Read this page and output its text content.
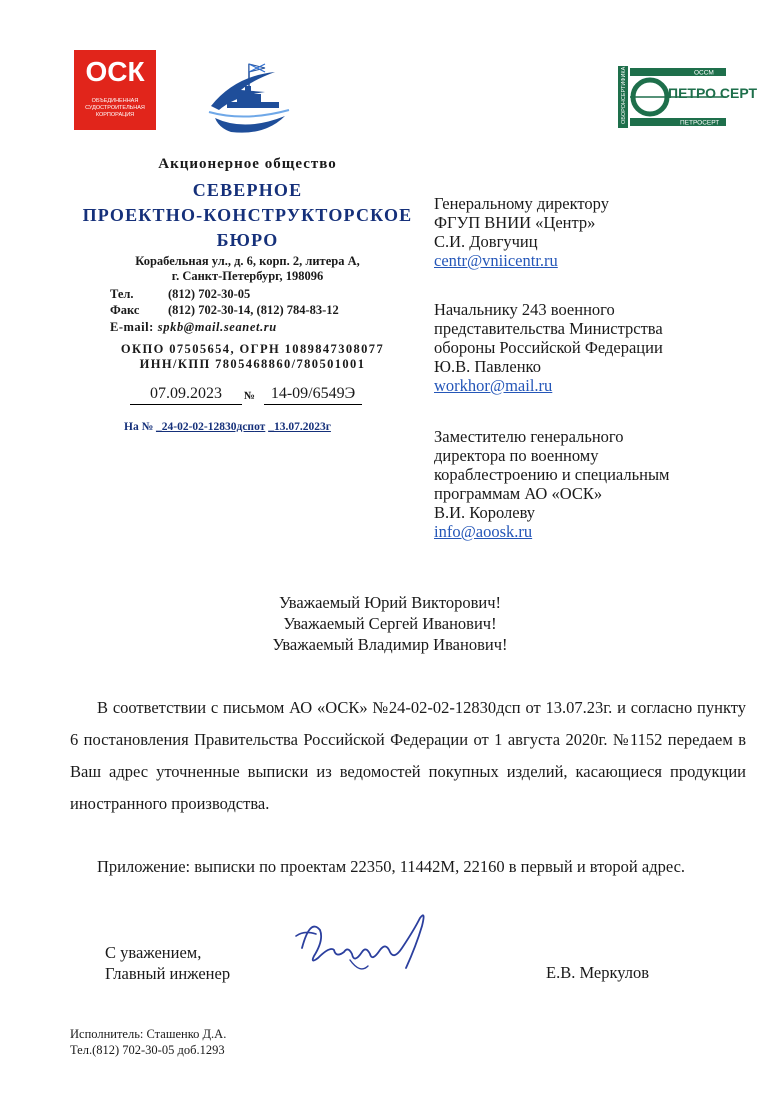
ОСК
ОБЪЕДИНЕННАЯ СУДОСТРОИТЕЛЬНАЯ КОРПОРАЦИЯ	ОБОРОНСЕРТИФИКА	ОССМ
ПЕТРОСЕРТ
ПЕТРО СЕРТ
Акционерное общество
СЕВЕРНОЕ
ПРОЕКТНО-КОНСТРУКТОРСКОЕ
БЮРО
Корабельная ул., д. 6, корп. 2, литера А,
г. Санкт-Петербург, 198096
Тел.	(812) 702-30-05
Факс (812) 702-30-14, (812) 784-83-12
E-mail: spkb@mail.seanet.ru
ОКПО 07505654, ОГРН 1089847308077
ИНН/КПП 7805468860/780501001
07.09.2023	№ 14-09/6549Э
На № _24-02-02-12830дспот _13.07.2023г
Генеральному директору
ФГУП ВНИИ «Центр»
С.И. Довгучиц
centr@vniicentr.ru
Начальнику 243 военного
представительства Министрства
обороны Российской Федерации
Ю.В. Павленко
workhor@mail.ru
Заместителю генерального
директора по военному
кораблестроению и специальным
программам АО «ОСК»
В.И. Королеву
info@aoosk.ru
Уважаемый Юрий Викторович!
Уважаемый Сергей Иванович!
Уважаемый Владимир Иванович!
В соответствии с письмом АО «ОСК» №24-02-02-12830дсп от 13.07.23г. и согласно пункту 6 постановления Правительства Российской Федерации от 1 августа 2020г. №1152 передаем в Ваш адрес уточненные выписки из ведомостей покупных изделий, касающиеся продукции иностранного производства.
Приложение: выписки по проектам 22350, 11442М, 22160 в первый и второй адрес.
С уважением,
Главный инженер	Е.В. Меркулов
Исполнитель: Сташенко Д.А.
Тел.(812) 702-30-05 доб.1293
